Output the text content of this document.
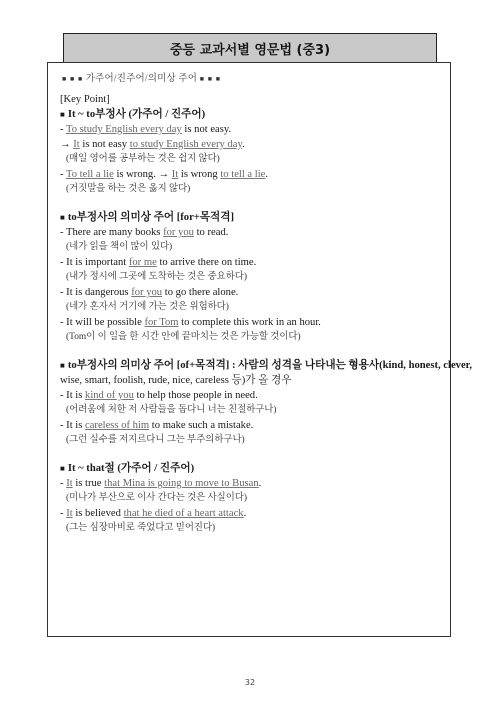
중등 교과서별 영문법 (중3)
■ ■ ■ 가주어/진주어/의미상 주어 ■ ■ ■
[Key Point]
■ It ~ to부정사 (가주어 / 진주어)
- To study English every day is not easy.
→ It is not easy to study English every day.
(매일 영어를 공부하는 것은 쉽지 않다)
- To tell a lie is wrong. → It is wrong to tell a lie.
(거짓말을 하는 것은 옳지 않다)
■ to부정사의 의미상 주어 [for+목적격]
- There are many books for you to read.
(네가 읽을 책이 많이 있다)
- It is important for me to arrive there on time.
(내가 정시에 그곳에 도착하는 것은 중요하다)
- It is dangerous for you to go there alone.
(네가 혼자서 거기에 가는 것은 위험하다)
- It will be possible for Tom to complete this work in an hour.
(Tom이 이 일을 한 시간 안에 끝마치는 것은 가능할 것이다)
■ to부정사의 의미상 주어 [of+목적격] : 사람의 성격을 나타내는 형용사(kind, honest, clever,
wise, smart, foolish, rude, nice, careless 등)가 올 경우
- It is kind of you to help those people in need.
(어려움에 처한 저 사람들을 돕다니 너는 친절하구나)
- It is careless of him to make such a mistake.
(그런 실수를 저지르다니 그는 부주의하구나)
■ It ~ that절 (가주어 / 진주어)
- It is true that Mina is going to move to Busan.
(미나가 부산으로 이사 간다는 것은 사실이다)
- It is believed that he died of a heart attack.
(그는 심장마비로 죽었다고 믿어진다)
32
